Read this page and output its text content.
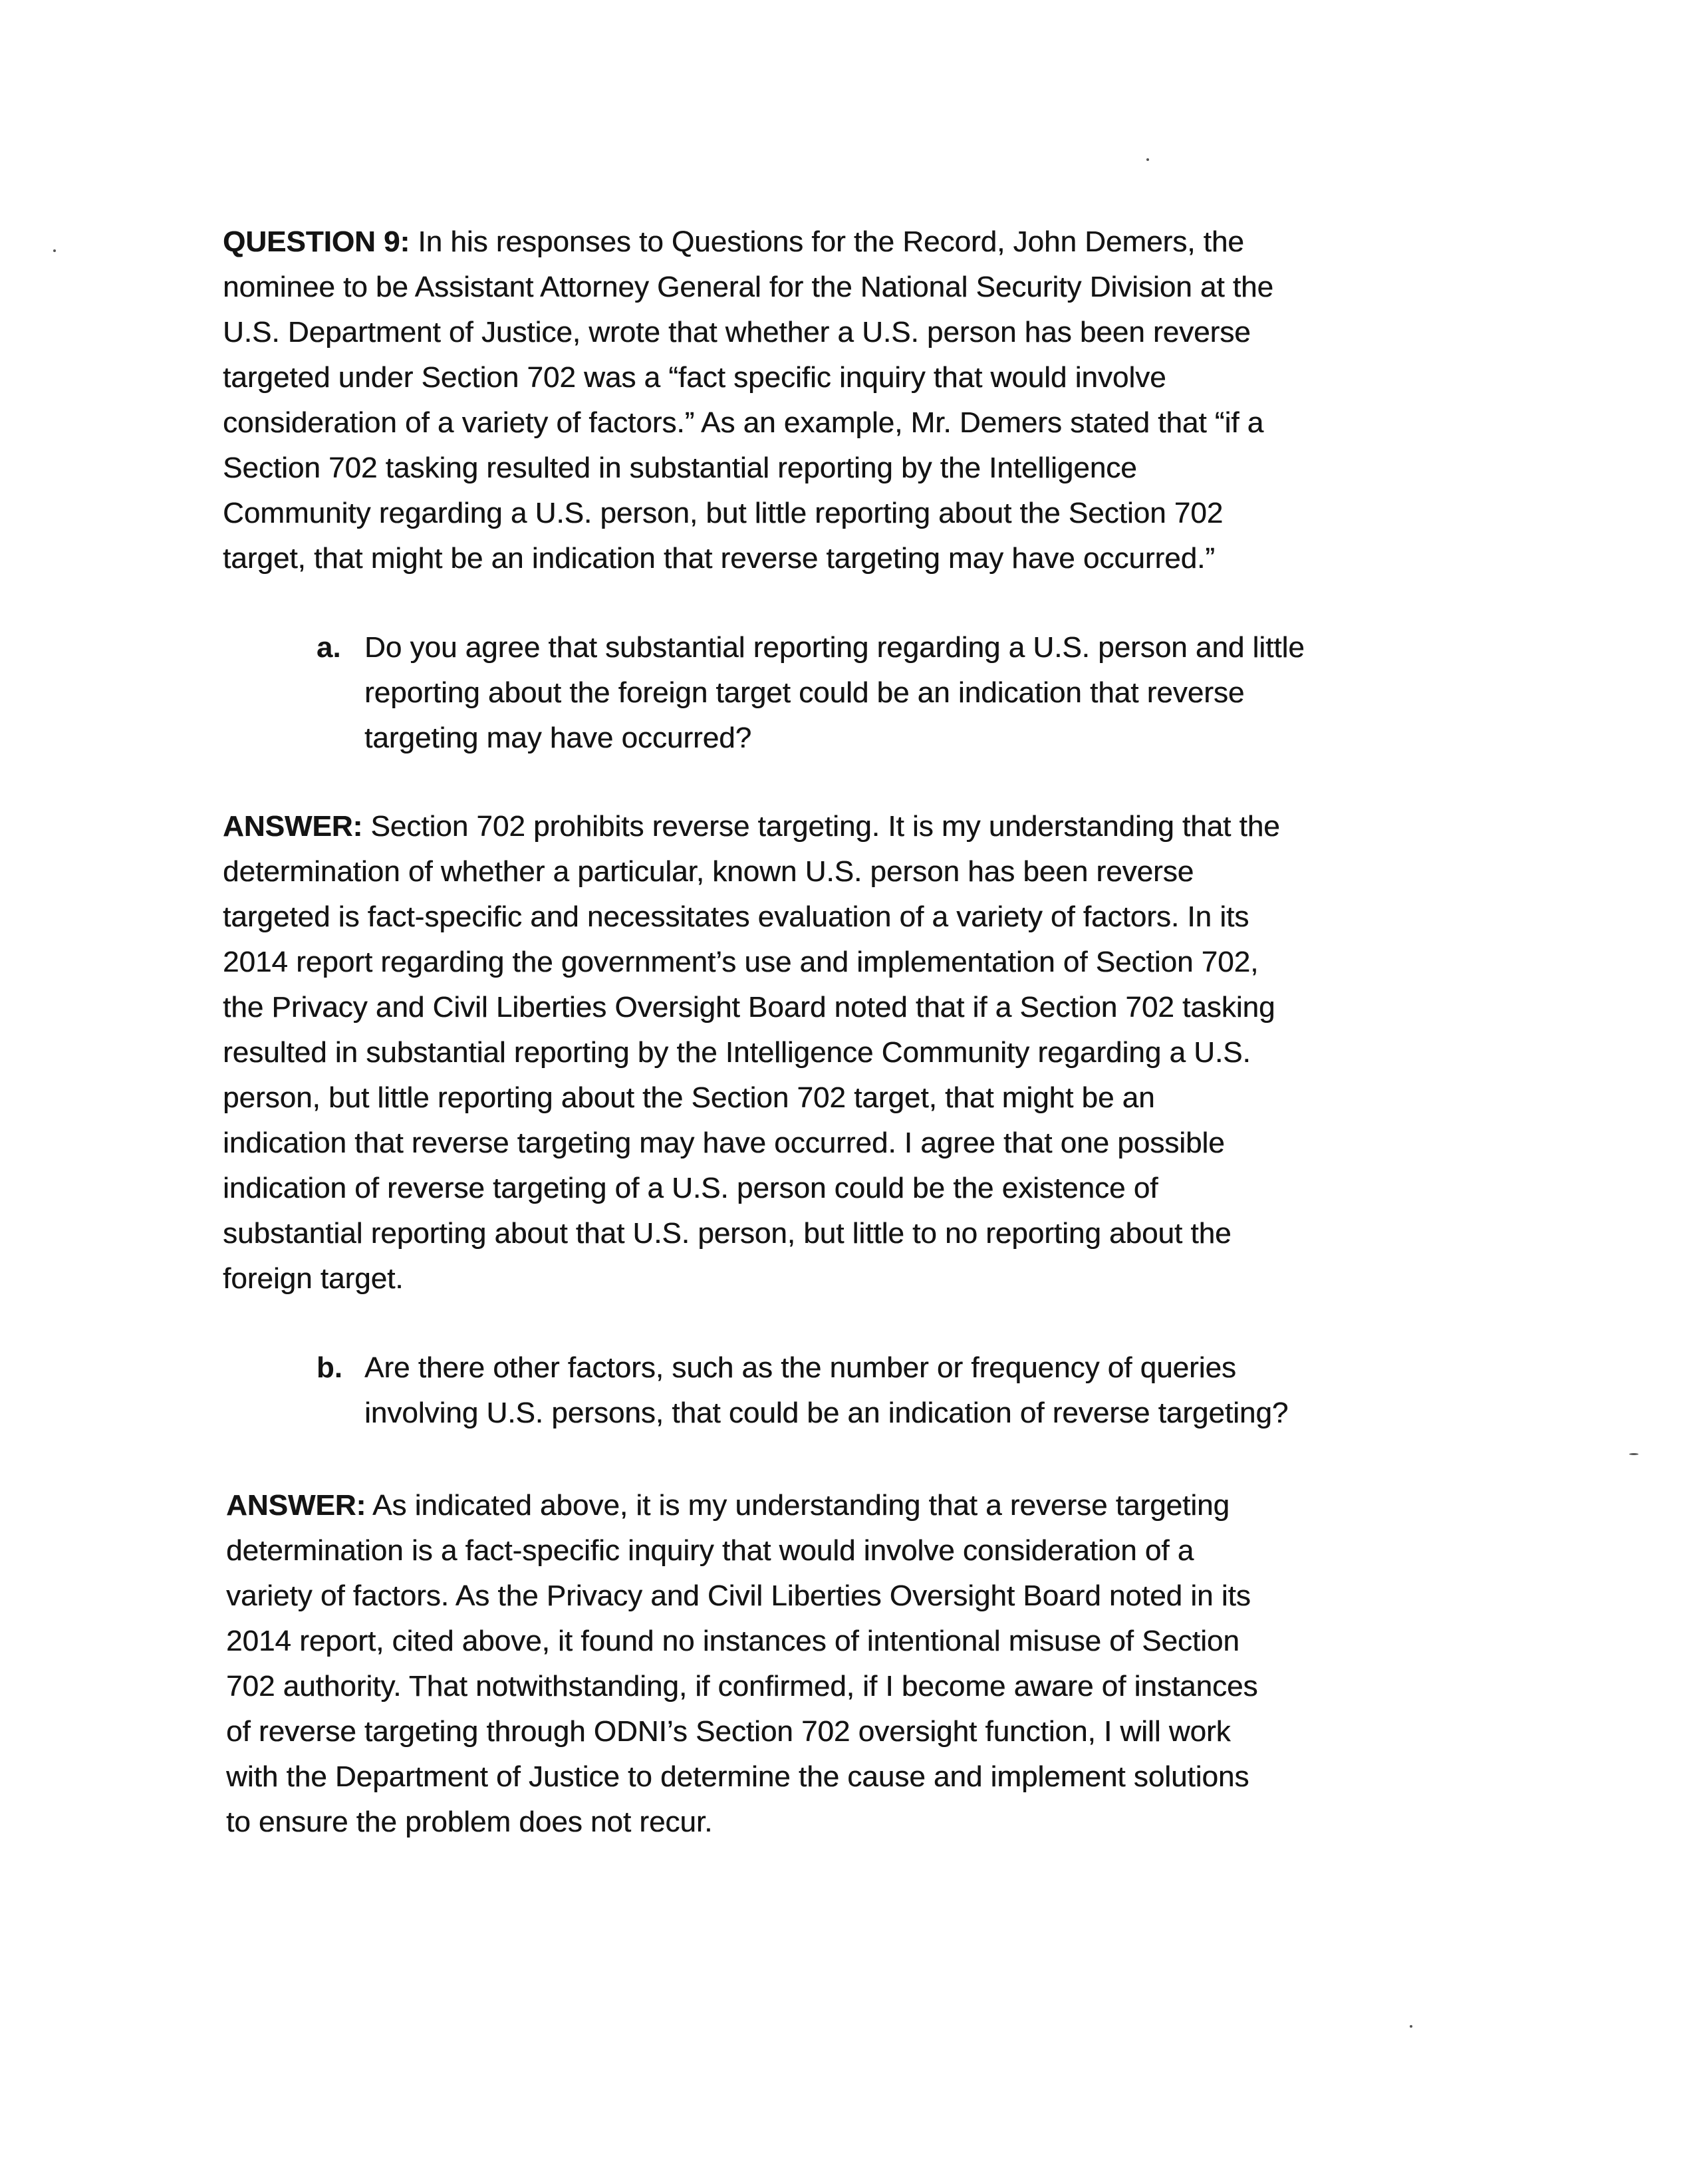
QUESTION 9: In his responses to Questions for the Record, John Demers, the
nominee to be Assistant Attorney General for the National Security Division at the
U.S. Department of Justice, wrote that whether a U.S. person has been reverse
targeted under Section 702 was a “fact specific inquiry that would involve
consideration of a variety of factors.” As an example, Mr. Demers stated that “if a
Section 702 tasking resulted in substantial reporting by the Intelligence
Community regarding a U.S. person, but little reporting about the Section 702
target, that might be an indication that reverse targeting may have occurred.”
a. Do you agree that substantial reporting regarding a U.S. person and little
reporting about the foreign target could be an indication that reverse
targeting may have occurred?
ANSWER: Section 702 prohibits reverse targeting. It is my understanding that the
determination of whether a particular, known U.S. person has been reverse
targeted is fact-specific and necessitates evaluation of a variety of factors. In its
2014 report regarding the government’s use and implementation of Section 702,
the Privacy and Civil Liberties Oversight Board noted that if a Section 702 tasking
resulted in substantial reporting by the Intelligence Community regarding a U.S.
person, but little reporting about the Section 702 target, that might be an
indication that reverse targeting may have occurred. I agree that one possible
indication of reverse targeting of a U.S. person could be the existence of
substantial reporting about that U.S. person, but little to no reporting about the
foreign target.
b. Are there other factors, such as the number or frequency of queries
involving U.S. persons, that could be an indication of reverse targeting?
ANSWER: As indicated above, it is my understanding that a reverse targeting
determination is a fact-specific inquiry that would involve consideration of a
variety of factors. As the Privacy and Civil Liberties Oversight Board noted in its
2014 report, cited above, it found no instances of intentional misuse of Section
702 authority. That notwithstanding, if confirmed, if I become aware of instances
of reverse targeting through ODNI’s Section 702 oversight function, I will work
with the Department of Justice to determine the cause and implement solutions
to ensure the problem does not recur.
